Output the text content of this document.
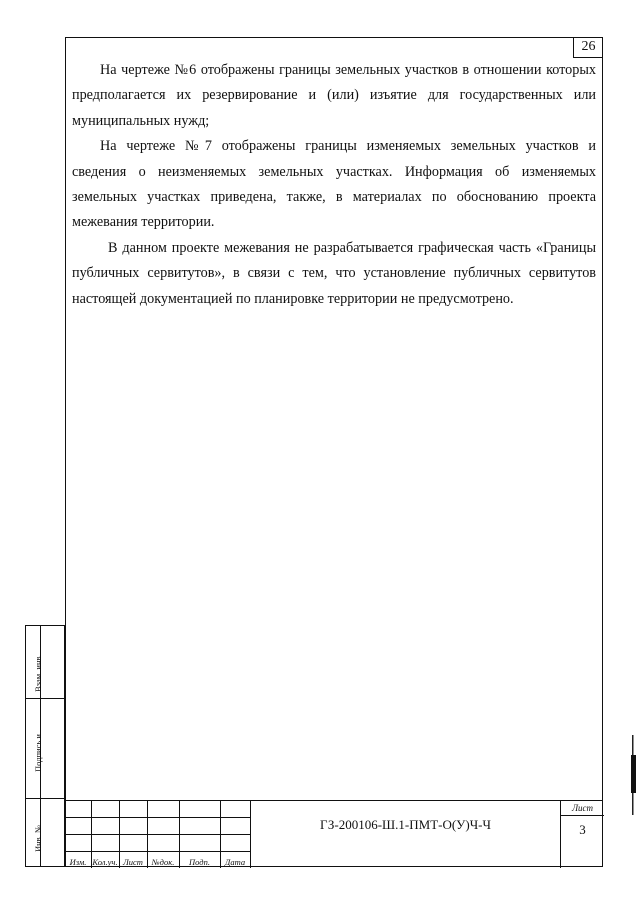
26

На чертеже №6 отображены границы земельных участков в отношении которых предполагается их резервирование и (или) изъятие для государственных или муниципальных нужд;

На чертеже №7 отображены границы изменяемых земельных участков и сведения о неизменяемых земельных участках. Информация об изменяемых земельных участках приведена, также, в материалах по обоснованию проекта межевания территории.

В данном проекте межевания не разрабатывается графическая часть «Границы публичных сервитутов», в связи с тем, что установление публичных сервитутов настоящей документацией по планировке территории не предусмотрено.

Взам. инв.
Подпись и
Инв. №
Изм. Кол.уч. Лист	№док.	Подп.	Дата
ГЗ-200106-Ш.1-ПМТ-О(У)Ч-Ч
Лист
3
